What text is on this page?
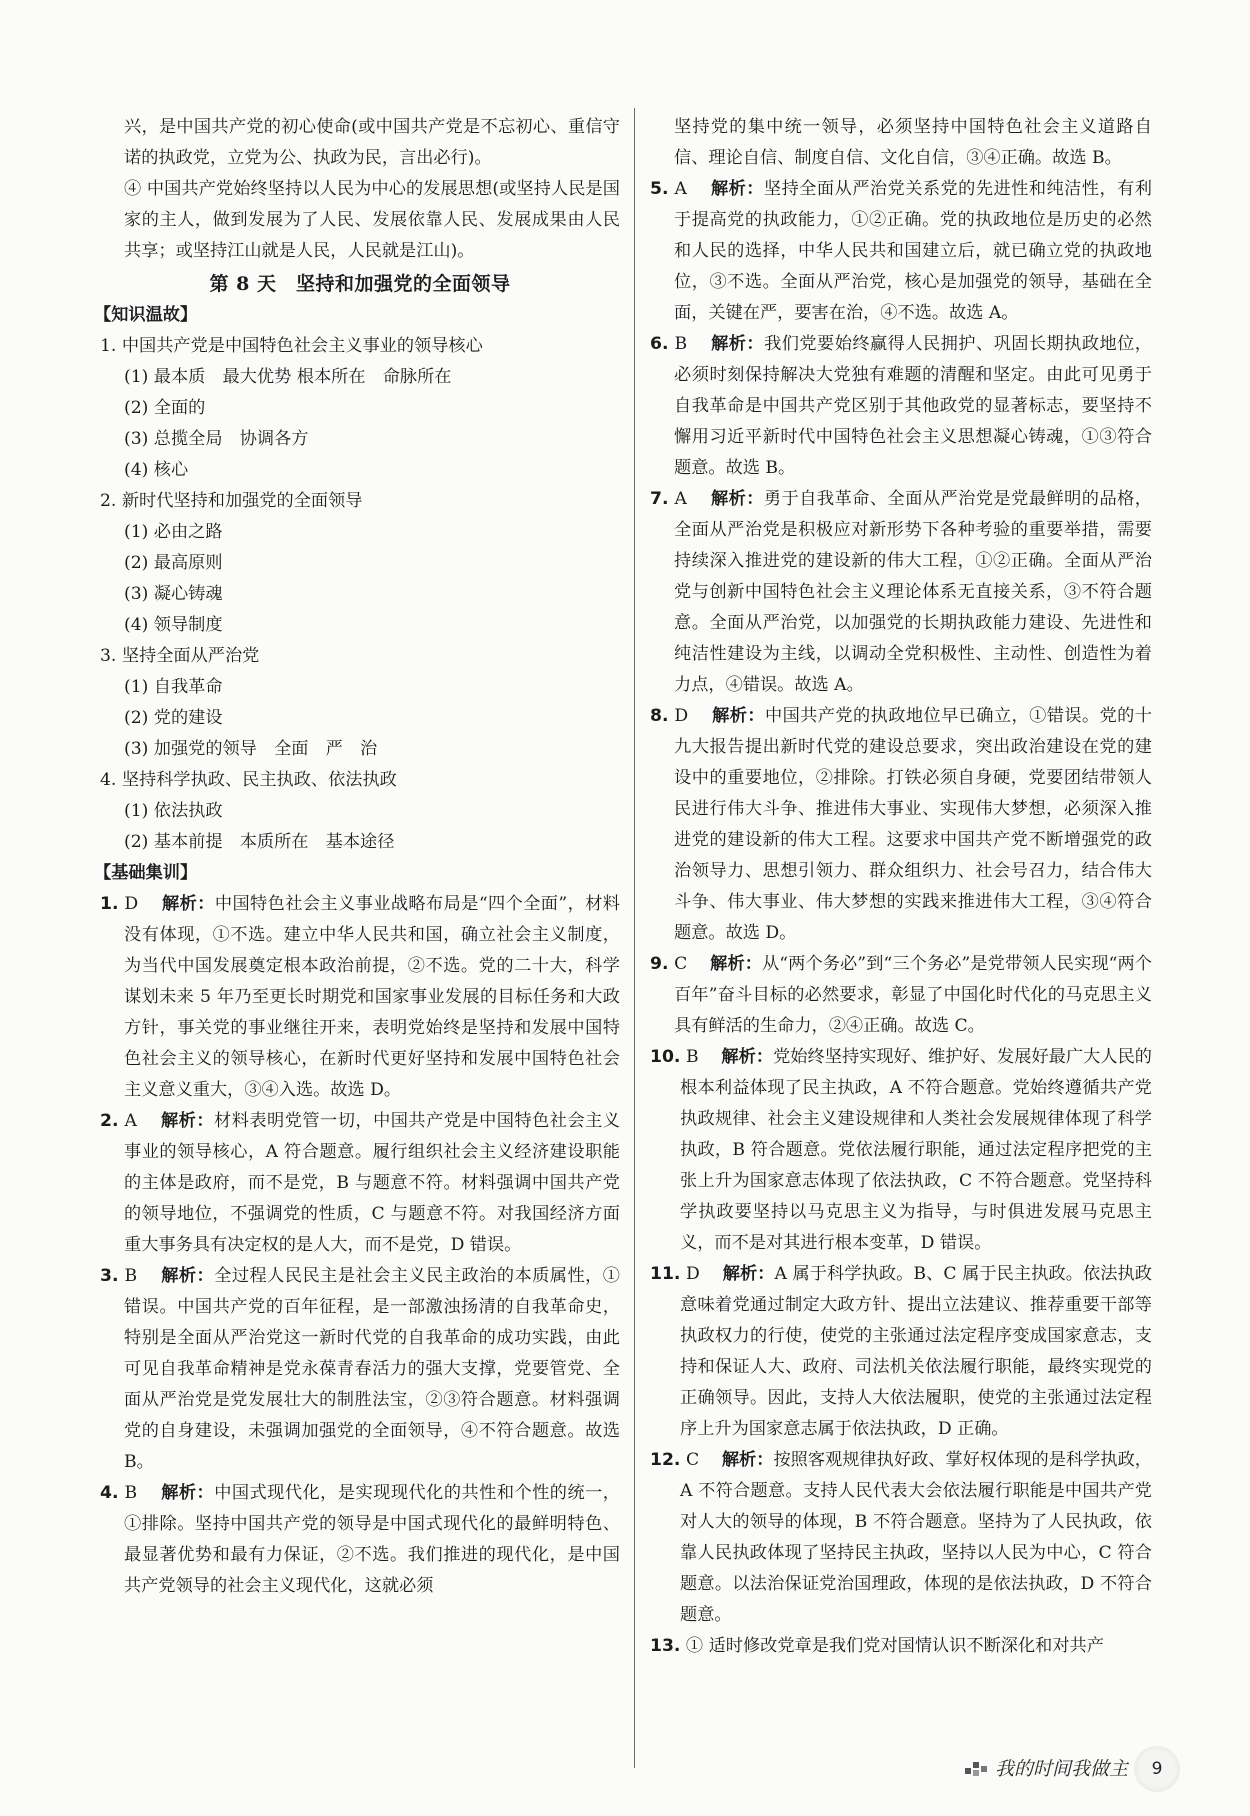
兴，是中国共产党的初心使命(或中国共产党是不忘初心、重信守诺的执政党，立党为公、执政为民，言出必行)。

④ 中国共产党始终坚持以人民为中心的发展思想(或坚持人民是国家的主人，做到发展为了人民、发展依靠人民、发展成果由人民共享；或坚持江山就是人民，人民就是江山)。

第 8 天　坚持和加强党的全面领导

【知识温故】

1. 中国共产党是中国特色社会主义事业的领导核心

(1) 最本质　最大优势 根本所在　命脉所在

(2) 全面的

(3) 总揽全局　协调各方

(4) 核心

2. 新时代坚持和加强党的全面领导

(1) 必由之路

(2) 最高原则

(3) 凝心铸魂

(4) 领导制度

3. 坚持全面从严治党

(1) 自我革命

(2) 党的建设

(3) 加强党的领导　全面　严　治

4. 坚持科学执政、民主执政、依法执政

(1) 依法执政

(2) 基本前提　本质所在　基本途径

【基础集训】

1. D　 解析：中国特色社会主义事业战略布局是“四个全面”，材料没有体现，①不选。建立中华人民共和国，确立社会主义制度，为当代中国发展奠定根本政治前提，②不选。党的二十大，科学谋划未来 5 年乃至更长时期党和国家事业发展的目标任务和大政方针，事关党的事业继往开来，表明党始终是坚持和发展中国特色社会主义的领导核心，在新时代更好坚持和发展中国特色社会主义意义重大，③④入选。故选 D。

2. A　 解析：材料表明党管一切，中国共产党是中国特色社会主义事业的领导核心，A 符合题意。履行组织社会主义经济建设职能的主体是政府，而不是党，B 与题意不符。材料强调中国共产党的领导地位，不强调党的性质，C 与题意不符。对我国经济方面重大事务具有决定权的是人大，而不是党，D 错误。

3. B　 解析：全过程人民民主是社会主义民主政治的本质属性，①错误。中国共产党的百年征程，是一部激浊扬清的自我革命史，特别是全面从严治党这一新时代党的自我革命的成功实践，由此可见自我革命精神是党永葆青春活力的强大支撑，党要管党、全面从严治党是党发展壮大的制胜法宝，②③符合题意。材料强调党的自身建设，未强调加强党的全面领导，④不符合题意。故选 B。

4. B　 解析：中国式现代化，是实现现代化的共性和个性的统一，①排除。坚持中国共产党的领导是中国式现代化的最鲜明特色、最显著优势和最有力保证，②不选。我们推进的现代化，是中国共产党领导的社会主义现代化，这就必须

坚持党的集中统一领导，必须坚持中国特色社会主义道路自信、理论自信、制度自信、文化自信，③④正确。故选 B。

5. A　 解析：坚持全面从严治党关系党的先进性和纯洁性，有利于提高党的执政能力，①②正确。党的执政地位是历史的必然和人民的选择，中华人民共和国建立后，就已确立党的执政地位，③不选。全面从严治党，核心是加强党的领导，基础在全面，关键在严，要害在治，④不选。故选 A。

6. B　 解析：我们党要始终赢得人民拥护、巩固长期执政地位，必须时刻保持解决大党独有难题的清醒和坚定。由此可见勇于自我革命是中国共产党区别于其他政党的显著标志，要坚持不懈用习近平新时代中国特色社会主义思想凝心铸魂，①③符合题意。故选 B。

7. A　 解析：勇于自我革命、全面从严治党是党最鲜明的品格，全面从严治党是积极应对新形势下各种考验的重要举措，需要持续深入推进党的建设新的伟大工程，①②正确。全面从严治党与创新中国特色社会主义理论体系无直接关系，③不符合题意。全面从严治党，以加强党的长期执政能力建设、先进性和纯洁性建设为主线，以调动全党积极性、主动性、创造性为着力点，④错误。故选 A。

8. D　 解析：中国共产党的执政地位早已确立，①错误。党的十九大报告提出新时代党的建设总要求，突出政治建设在党的建设中的重要地位，②排除。打铁必须自身硬，党要团结带领人民进行伟大斗争、推进伟大事业、实现伟大梦想，必须深入推进党的建设新的伟大工程。这要求中国共产党不断增强党的政治领导力、思想引领力、群众组织力、社会号召力，结合伟大斗争、伟大事业、伟大梦想的实践来推进伟大工程，③④符合题意。故选 D。

9. C　 解析：从“两个务必”到“三个务必”是党带领人民实现“两个百年”奋斗目标的必然要求，彰显了中国化时代化的马克思主义具有鲜活的生命力，②④正确。故选 C。

10. B　 解析：党始终坚持实现好、维护好、发展好最广大人民的根本利益体现了民主执政，A 不符合题意。党始终遵循共产党执政规律、社会主义建设规律和人类社会发展规律体现了科学执政，B 符合题意。党依法履行职能，通过法定程序把党的主张上升为国家意志体现了依法执政，C 不符合题意。党坚持科学执政要坚持以马克思主义为指导，与时俱进发展马克思主义，而不是对其进行根本变革，D 错误。

11. D　 解析：A 属于科学执政。B、C 属于民主执政。依法执政意味着党通过制定大政方针、提出立法建议、推荐重要干部等执政权力的行使，使党的主张通过法定程序变成国家意志，支持和保证人大、政府、司法机关依法履行职能，最终实现党的正确领导。因此，支持人大依法履职，使党的主张通过法定程序上升为国家意志属于依法执政，D 正确。

12. C　 解析：按照客观规律执好政、掌好权体现的是科学执政，A 不符合题意。支持人民代表大会依法履行职能是中国共产党对人大的领导的体现，B 不符合题意。坚持为了人民执政，依靠人民执政体现了坚持民主执政，坚持以人民为中心，C 符合题意。以法治保证党治国理政，体现的是依法执政，D 不符合题意。

13. ① 适时修改党章是我们党对国情认识不断深化和对共产

我的时间我做主	9
